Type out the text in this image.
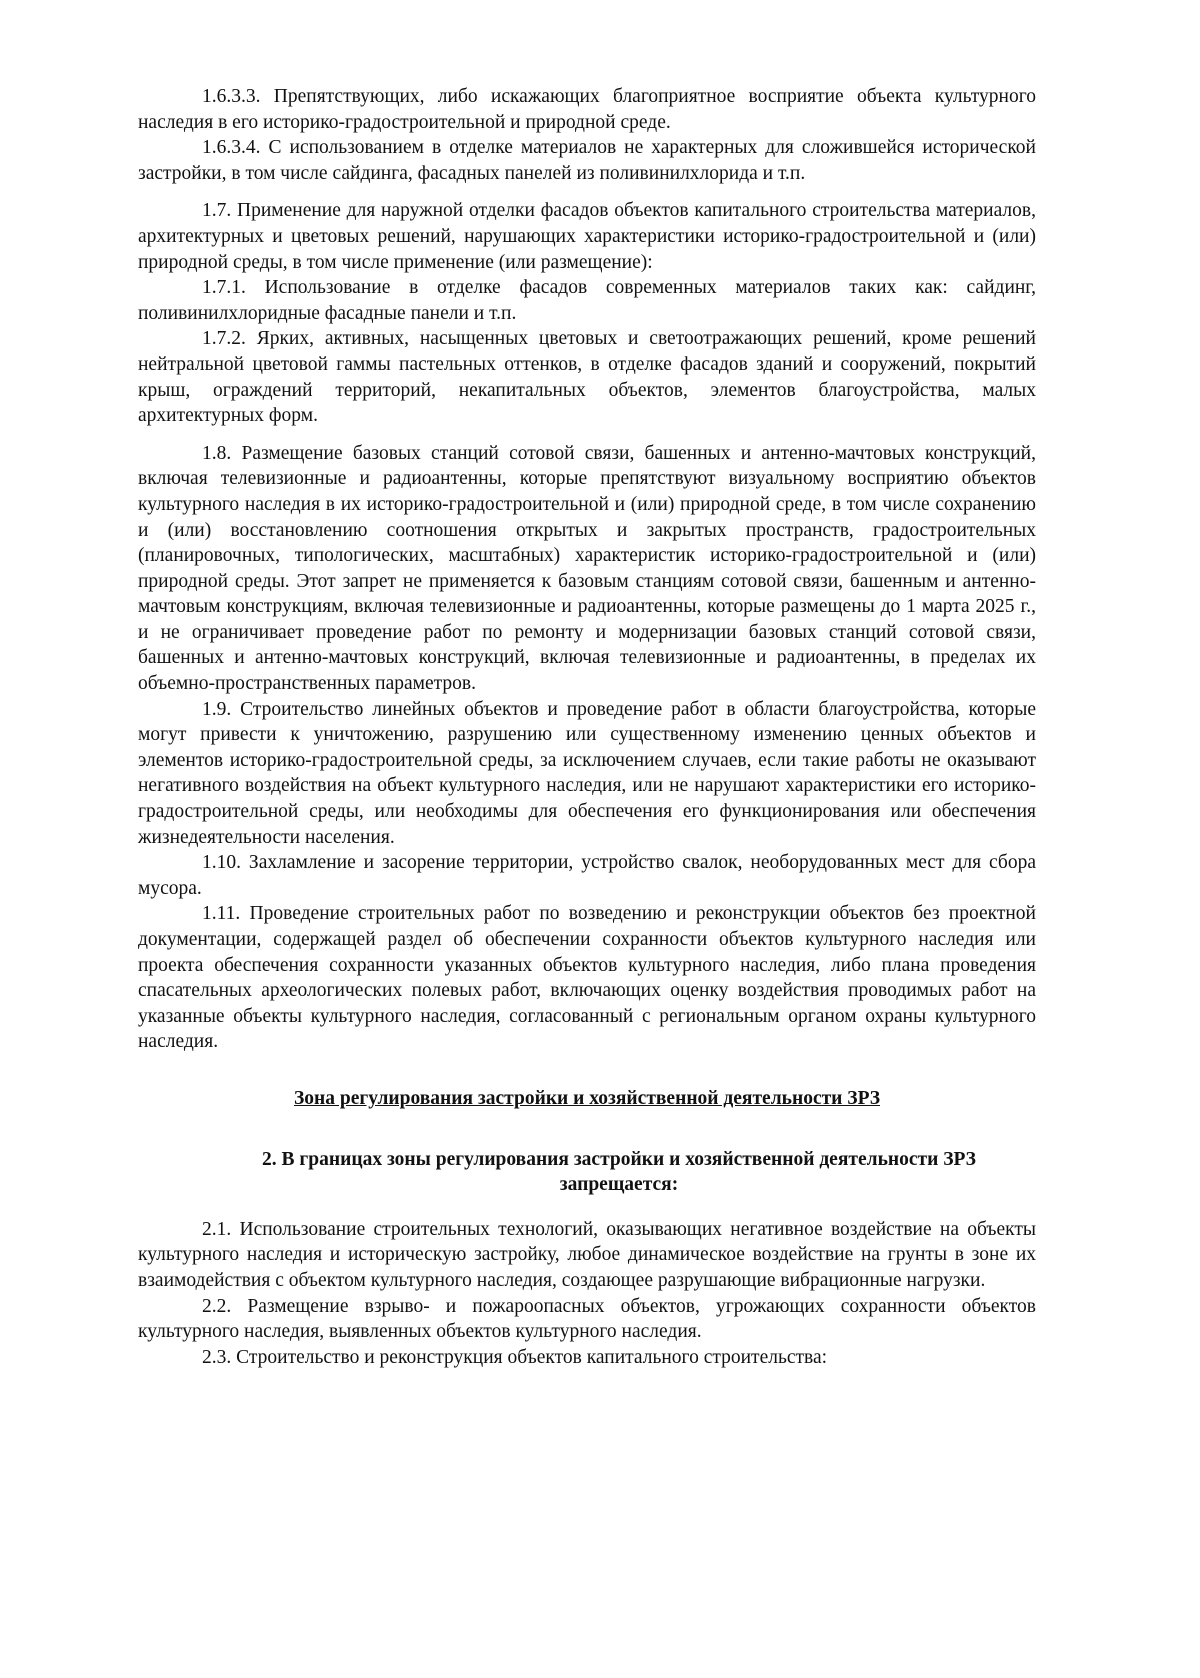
1.6.3.3. Препятствующих, либо искажающих благоприятное восприятие объекта культурного наследия в его историко-градостроительной и природной среде.

1.6.3.4. С использованием в отделке материалов не характерных для сложившейся исторической застройки, в том числе сайдинга, фасадных панелей из поливинилхлорида и т.п.

1.7. Применение для наружной отделки фасадов объектов капитального строительства материалов, архитектурных и цветовых решений, нарушающих характеристики историко-градостроительной и (или) природной среды, в том числе применение (или размещение):

1.7.1. Использование в отделке фасадов современных материалов таких как: сайдинг, поливинилхлоридные фасадные панели и т.п.

1.7.2. Ярких, активных, насыщенных цветовых и светоотражающих решений, кроме решений нейтральной цветовой гаммы пастельных оттенков, в отделке фасадов зданий и сооружений, покрытий крыш, ограждений территорий, некапитальных объектов, элементов благоустройства, малых архитектурных форм.

1.8. Размещение базовых станций сотовой связи, башенных и антенно-мачтовых конструкций, включая телевизионные и радиоантенны, которые препятствуют визуальному восприятию объектов культурного наследия в их историко-градостроительной и (или) природной среде, в том числе сохранению и (или) восстановлению соотношения открытых и закрытых пространств, градостроительных (планировочных, типологических, масштабных) характеристик историко-градостроительной и (или) природной среды. Этот запрет не применяется к базовым станциям сотовой связи, башенным и антенно-мачтовым конструкциям, включая телевизионные и радиоантенны, которые размещены до 1 марта 2025 г., и не ограничивает проведение работ по ремонту и модернизации базовых станций сотовой связи, башенных и антенно-мачтовых конструкций, включая телевизионные и радиоантенны, в пределах их объемно-пространственных параметров.

1.9. Строительство линейных объектов и проведение работ в области благоустройства, которые могут привести к уничтожению, разрушению или существенному изменению ценных объектов и элементов историко-градостроительной среды, за исключением случаев, если такие работы не оказывают негативного воздействия на объект культурного наследия, или не нарушают характеристики его историко-градостроительной среды, или необходимы для обеспечения его функционирования или обеспечения жизнедеятельности населения.

1.10. Захламление и засорение территории, устройство свалок, необорудованных мест для сбора мусора.

1.11. Проведение строительных работ по возведению и реконструкции объектов без проектной документации, содержащей раздел об обеспечении сохранности объектов культурного наследия или проекта обеспечения сохранности указанных объектов культурного наследия, либо плана проведения спасательных археологических полевых работ, включающих оценку воздействия проводимых работ на указанные объекты культурного наследия, согласованный с региональным органом охраны культурного наследия.

Зона регулирования застройки и хозяйственной деятельности ЗРЗ

2. В границах зоны регулирования застройки и хозяйственной деятельности ЗРЗ запрещается:

2.1. Использование строительных технологий, оказывающих негативное воздействие на объекты культурного наследия и историческую застройку, любое динамическое воздействие на грунты в зоне их взаимодействия с объектом культурного наследия, создающее разрушающие вибрационные нагрузки.

2.2. Размещение взрыво- и пожароопасных объектов, угрожающих сохранности объектов культурного наследия, выявленных объектов культурного наследия.

2.3. Строительство и реконструкция объектов капитального строительства:
